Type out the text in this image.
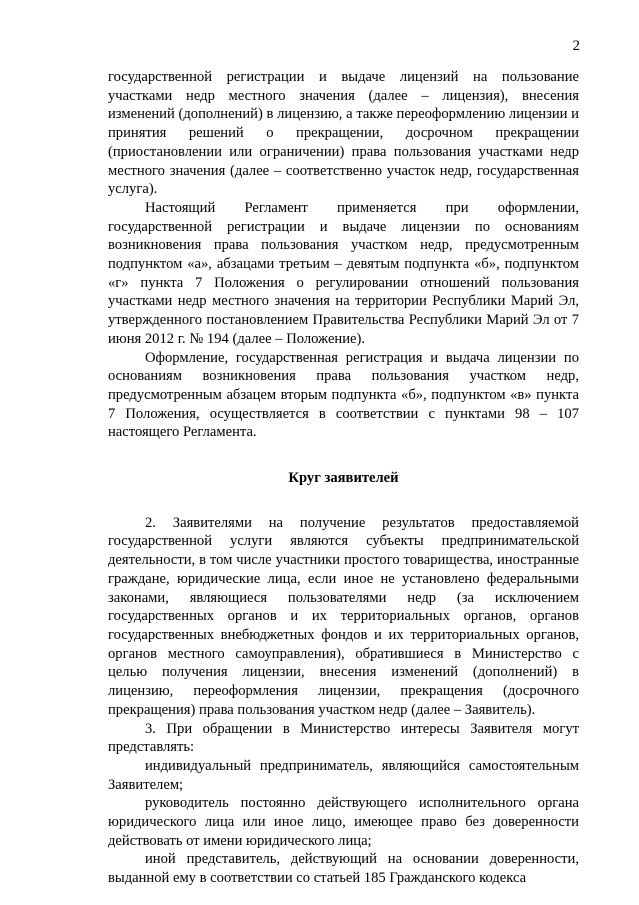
2

государственной регистрации и выдаче лицензий на пользование участками недр местного значения (далее – лицензия), внесения изменений (дополнений) в лицензию, а также переоформлению лицензии и принятия решений о прекращении, досрочном прекращении (приостановлении или ограничении) права пользования участками недр местного значения (далее – соответственно участок недр, государственная услуга).

Настоящий Регламент применяется при оформлении, государственной регистрации и выдаче лицензии по основаниям возникновения права пользования участком недр, предусмотренным подпунктом «а», абзацами третьим – девятым подпункта «б», подпунктом «г» пункта 7 Положения о регулировании отношений пользования участками недр местного значения на территории Республики Марий Эл, утвержденного постановлением Правительства Республики Марий Эл от 7 июня 2012 г. № 194 (далее – Положение).

Оформление, государственная регистрация и выдача лицензии по основаниям возникновения права пользования участком недр, предусмотренным абзацем вторым подпункта «б», подпунктом «в» пункта 7 Положения, осуществляется в соответствии с пунктами 98 – 107 настоящего Регламента.

Круг заявителей

2. Заявителями на получение результатов предоставляемой государственной услуги являются субъекты предпринимательской деятельности, в том числе участники простого товарищества, иностранные граждане, юридические лица, если иное не установлено федеральными законами, являющиеся пользователями недр (за исключением государственных органов и их территориальных органов, органов государственных внебюджетных фондов и их территориальных органов, органов местного самоуправления), обратившиеся в Министерство с целью получения лицензии, внесения изменений (дополнений) в лицензию, переоформления лицензии, прекращения (досрочного прекращения) права пользования участком недр (далее – Заявитель).

3. При обращении в Министерство интересы Заявителя могут представлять:

индивидуальный предприниматель, являющийся самостоятельным Заявителем;

руководитель постоянно действующего исполнительного органа юридического лица или иное лицо, имеющее право без доверенности действовать от имени юридического лица;

иной представитель, действующий на основании доверенности, выданной ему в соответствии со статьей 185 Гражданского кодекса
